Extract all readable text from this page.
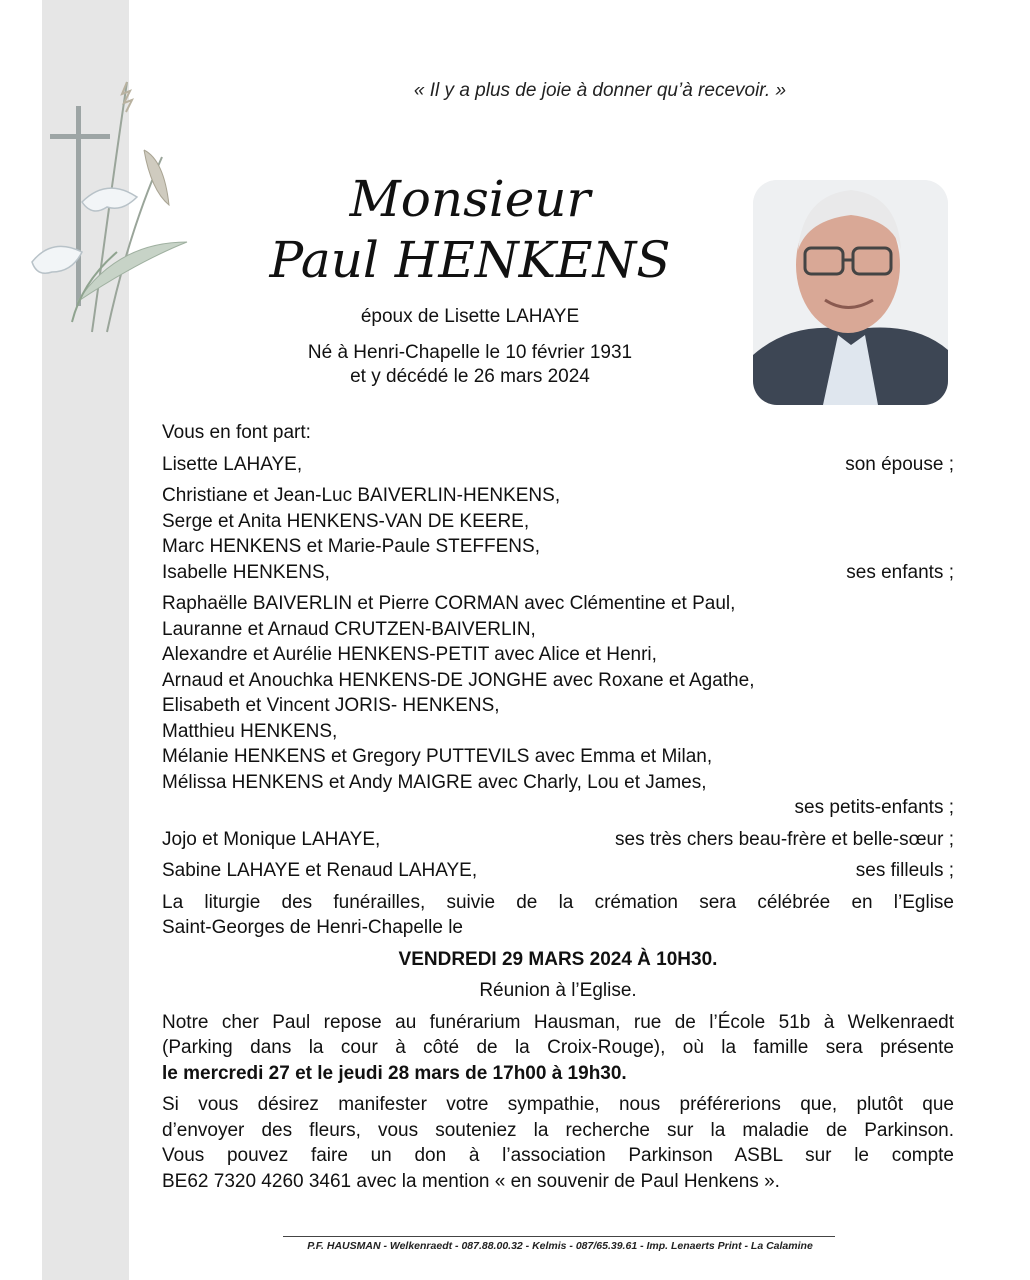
« Il y a plus de joie à donner qu’à recevoir. »
Monsieur
Paul HENKENS
époux de Lisette LAHAYE
Né à Henri-Chapelle le 10 février 1931
et y décédé le 26 mars 2024
Vous en font part:
Lisette LAHAYE,	son épouse ;
Christiane et Jean-Luc BAIVERLIN-HENKENS,
Serge et Anita HENKENS-VAN DE KEERE,
Marc HENKENS et Marie-Paule STEFFENS,
Isabelle HENKENS,	ses enfants ;
Raphaëlle BAIVERLIN et Pierre CORMAN avec Clémentine et Paul,
Lauranne et Arnaud CRUTZEN-BAIVERLIN,
Alexandre et Aurélie HENKENS-PETIT avec Alice et Henri,
Arnaud et Anouchka HENKENS-DE JONGHE avec Roxane et Agathe,
Elisabeth et Vincent JORIS- HENKENS,
Matthieu HENKENS,
Mélanie HENKENS et Gregory PUTTEVILS avec Emma et Milan,
Mélissa HENKENS et Andy MAIGRE avec Charly, Lou et James,
ses petits-enfants ;
Jojo et Monique LAHAYE,	ses très chers beau-frère et belle-sœur ;
Sabine LAHAYE et Renaud LAHAYE,	ses filleuls ;
La liturgie des funérailles, suivie de la crémation sera célébrée en l’Eglise
Saint-Georges de Henri-Chapelle le
VENDREDI 29 MARS 2024 À 10H30.
Réunion à l’Eglise.
Notre cher Paul repose au funérarium Hausman, rue de l’École 51b à Welkenraedt
(Parking dans la cour à côté de la Croix-Rouge), où la famille sera présente
le mercredi 27 et le jeudi 28 mars de 17h00 à 19h30.
Si vous désirez manifester votre sympathie, nous préférerions que, plutôt que
d’envoyer des fleurs, vous souteniez la recherche sur la maladie de Parkinson.
Vous pouvez faire un don à l’association Parkinson ASBL sur le compte
BE62 7320 4260 3461 avec la mention « en souvenir de Paul Henkens ».
P.F. HAUSMAN - Welkenraedt - 087.88.00.32 - Kelmis - 087/65.39.61 - Imp. Lenaerts Print - La Calamine
